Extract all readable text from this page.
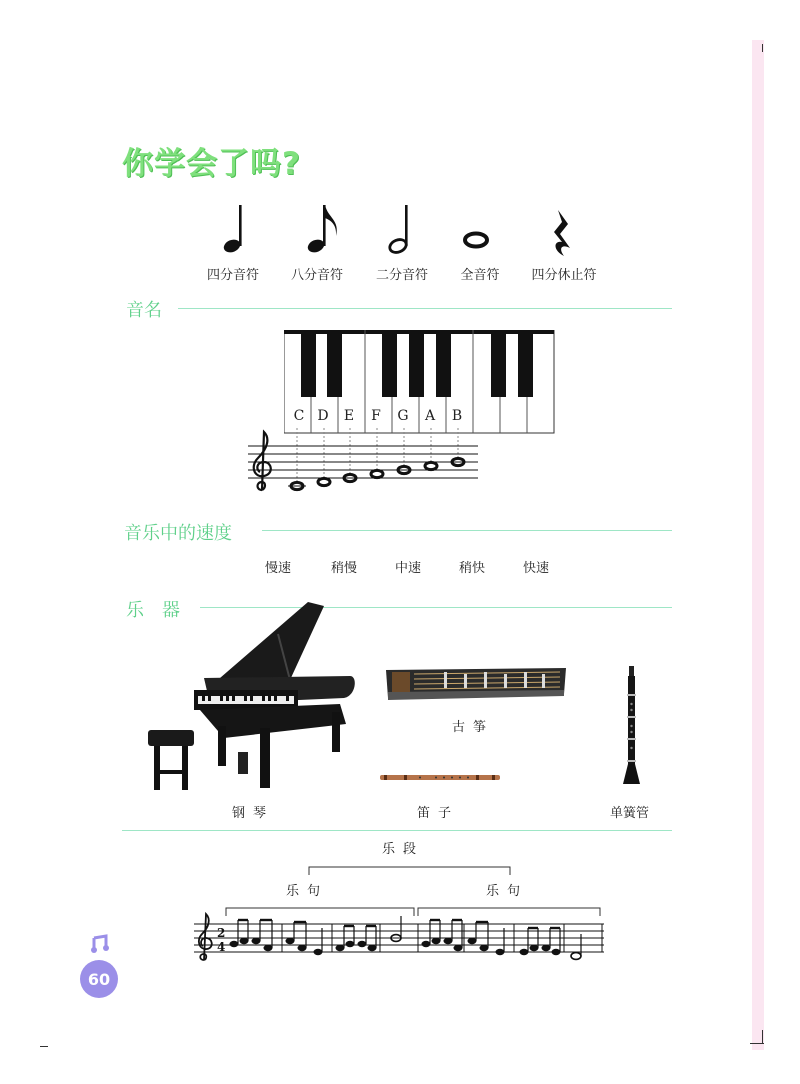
你学会了吗?
四分音符	八分音符	二分音符	全音符	四分休止符
音名
C D	E	F	G	A	B
音乐中的速度
慢速	稍慢	中速	稍快	快速
乐　器
钢琴
古筝
笛子	单簧管
乐段
乐句	乐句
2
4
60
